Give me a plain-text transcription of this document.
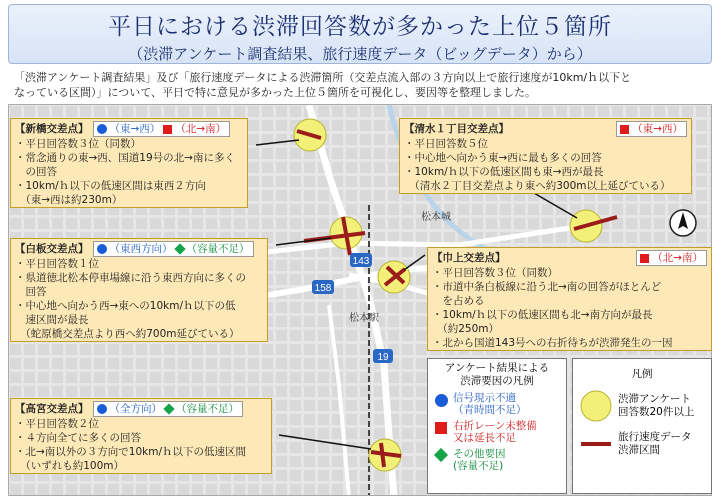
平日における渋滞回答数が多かった上位５箇所
（渋滞アンケート調査結果、旅行速度データ（ビッグデータ）から）
「渋滞アンケート調査結果」及び「旅行速度データによる渋滞箇所（交差点流入部の３方向以上で旅行速度が10km/ｈ以下と
なっている区間）」について、平日で特に意見が多かった上位５箇所を可視化し、要因等を整理しました。
158
143
19
松本城
松本駅
【新橋交差点】 （東→西） （北→南）
・平日回答数３位（同数）
・常念通りの東→西、国道19号の北→南に多く
　の回答
・10km/ｈ以下の低速区間は東西２方向
　（東→西は約230m）
【白板交差点】 （東西方向） （容量不足）
・平日回答数１位
・県道徳北松本停車場線に沿う東西方向に多くの
　回答
・中心地へ向かう西→東への10km/ｈ以下の低
　速区間が最長
　（蛇原橋交差点より西へ約700m延びている）
【高宮交差点】 （全方向） （容量不足）
・平日回答数２位
・４方向全てに多くの回答
・北→南以外の３方向で10km/ｈ以下の低速区間
　（いずれも約100m）
【清水１丁目交差点】	（東→西）
・平日回答数５位
・中心地へ向かう東→西に最も多くの回答
・10km/ｈ以下の低速区間も東→西が最長
　（清水２丁目交差点より東へ約300m以上延びている）
【巾上交差点】	（北→南）
・平日回答数３位（同数）
・市道中条白板線に沿う北→南の回答がほとんど
　を占める
・10km/ｈ以下の低速区間も北→南方向が最長
　（約250m）
・北から国道143号への右折待ちが渋滞発生の一因
アンケート結果による
渋滞要因の凡例
信号現示不適
（青時間不足）
右折レーン未整備
又は延長不足
その他要因
(容量不足)
凡例
渋滞アンケート
回答数20件以上
旅行速度データ
渋滞区間
